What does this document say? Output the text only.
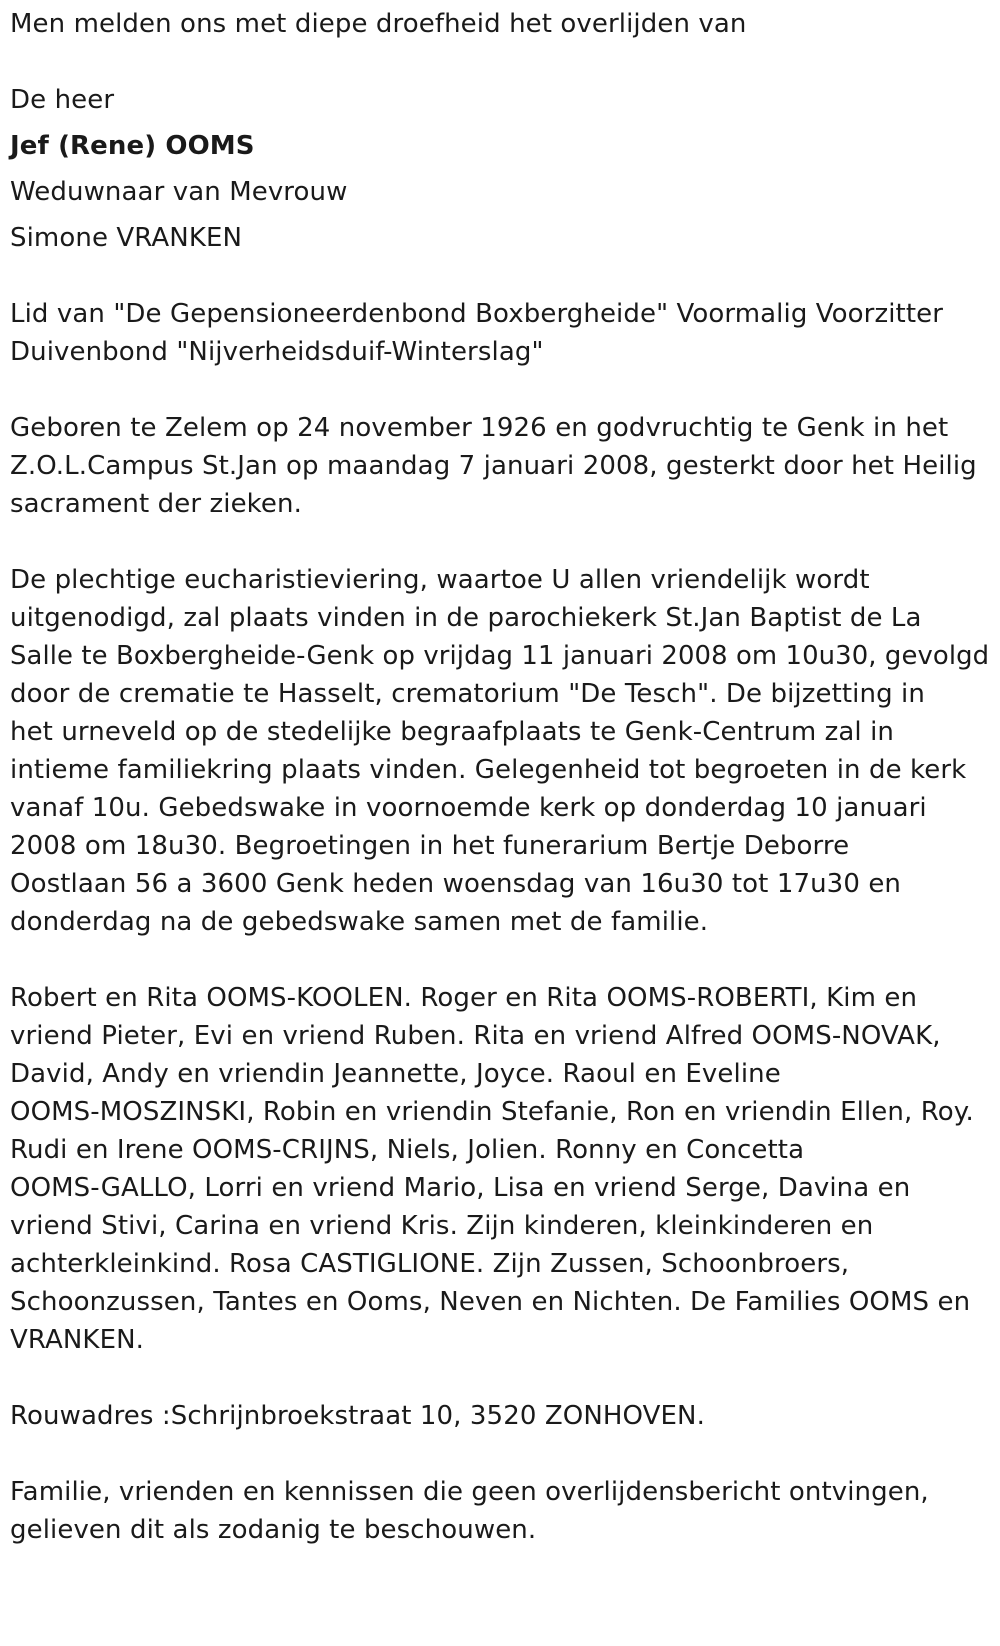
Men melden ons met diepe droefheid het overlijden van
De heer
Jef (Rene) OOMS
Weduwnaar van Mevrouw
Simone VRANKEN
Lid van "De Gepensioneerdenbond Boxbergheide" Voormalig Voorzitter
Duivenbond "Nijverheidsduif-Winterslag"
Geboren te Zelem op 24 november 1926 en godvruchtig te Genk in het
Z.O.L.Campus St.Jan op maandag 7 januari 2008, gesterkt door het Heilig
sacrament der zieken.
De plechtige eucharistieviering, waartoe U allen vriendelijk wordt
uitgenodigd, zal plaats vinden in de parochiekerk St.Jan Baptist de La
Salle te Boxbergheide-Genk op vrijdag 11 januari 2008 om 10u30, gevolgd
door de crematie te Hasselt, crematorium "De Tesch". De bijzetting in
het urneveld op de stedelijke begraafplaats te Genk-Centrum zal in
intieme familiekring plaats vinden. Gelegenheid tot begroeten in de kerk
vanaf 10u. Gebedswake in voornoemde kerk op donderdag 10 januari
2008 om 18u30. Begroetingen in het funerarium Bertje Deborre
Oostlaan 56 a 3600 Genk heden woensdag van 16u30 tot 17u30 en
donderdag na de gebedswake samen met de familie.
Robert en Rita OOMS-KOOLEN. Roger en Rita OOMS-ROBERTI, Kim en
vriend Pieter, Evi en vriend Ruben. Rita en vriend Alfred OOMS-NOVAK,
David, Andy en vriendin Jeannette, Joyce. Raoul en Eveline
OOMS-MOSZINSKI, Robin en vriendin Stefanie, Ron en vriendin Ellen, Roy.
Rudi en Irene OOMS-CRIJNS, Niels, Jolien. Ronny en Concetta
OOMS-GALLO, Lorri en vriend Mario, Lisa en vriend Serge, Davina en
vriend Stivi, Carina en vriend Kris. Zijn kinderen, kleinkinderen en
achterkleinkind. Rosa CASTIGLIONE. Zijn Zussen, Schoonbroers,
Schoonzussen, Tantes en Ooms, Neven en Nichten. De Families OOMS en
VRANKEN.
Rouwadres :Schrijnbroekstraat 10, 3520 ZONHOVEN.
Familie, vrienden en kennissen die geen overlijdensbericht ontvingen,
gelieven dit als zodanig te beschouwen.
